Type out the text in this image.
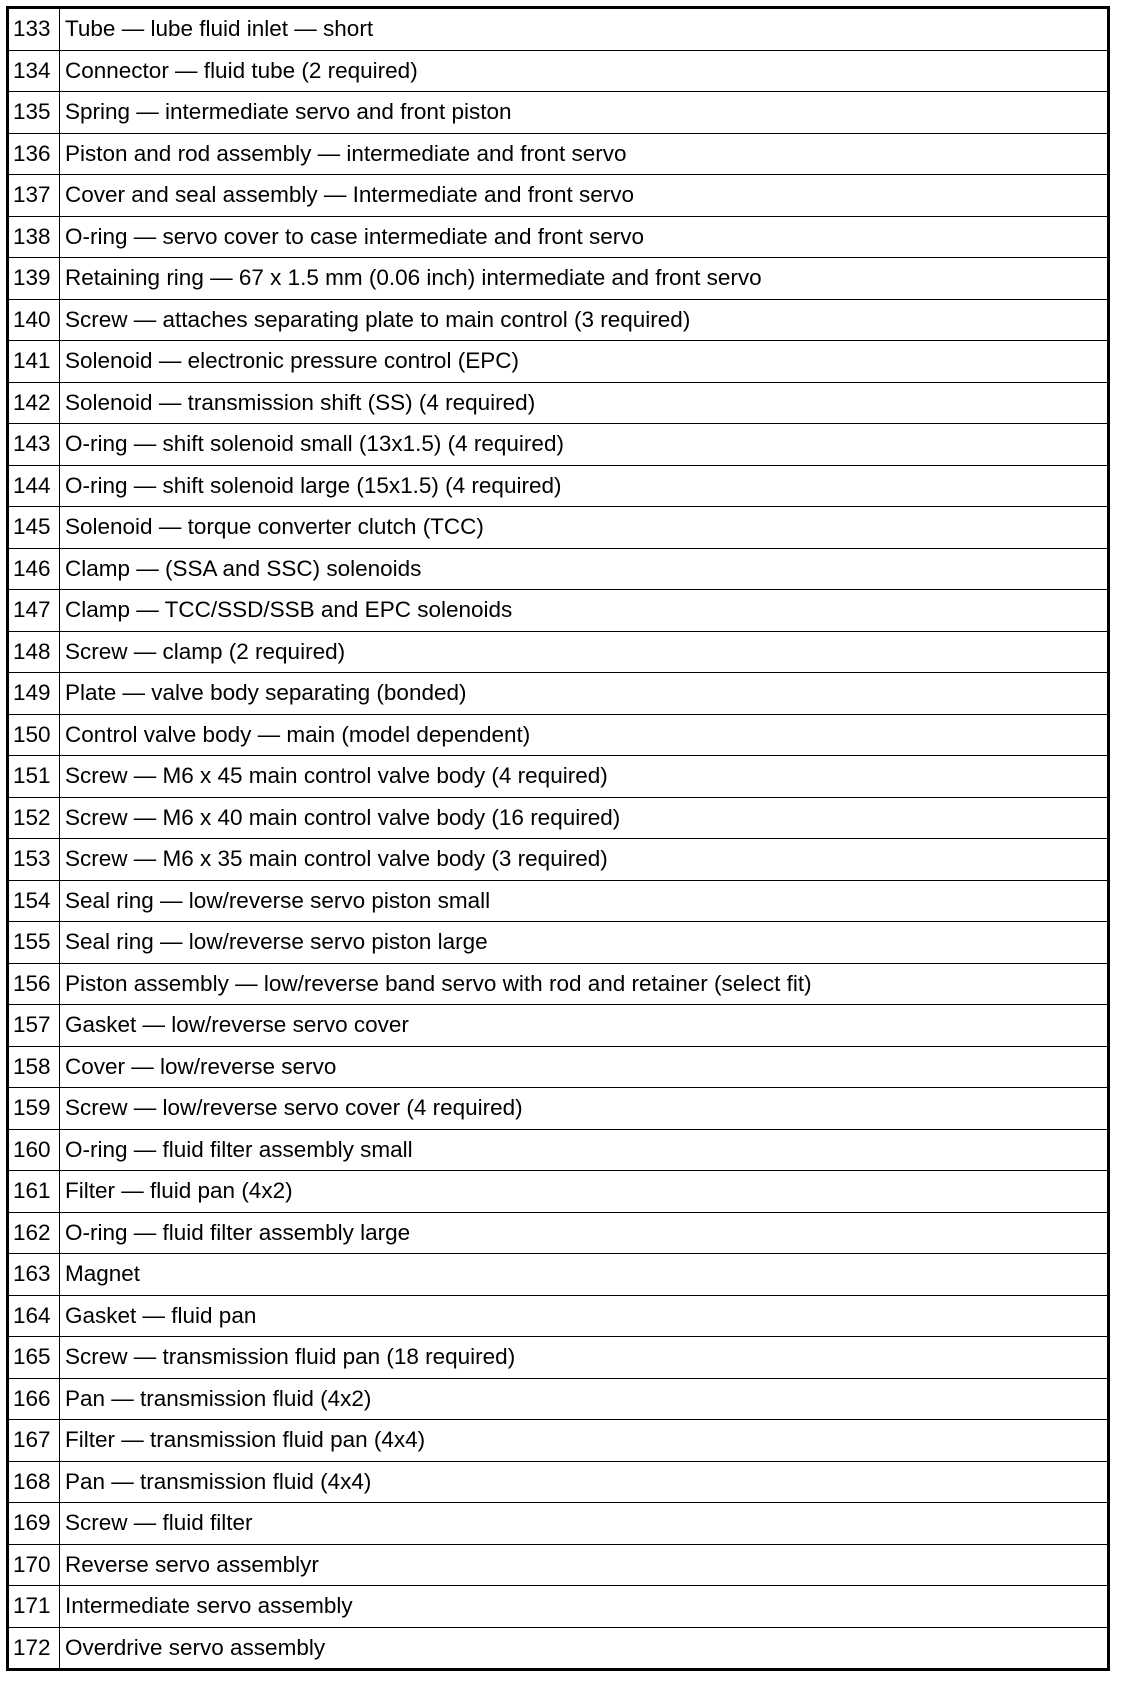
133	Tube — lube fluid inlet — short
134	Connector — fluid tube (2 required)
135	Spring — intermediate servo and front piston
136	Piston and rod assembly — intermediate and front servo
137	Cover and seal assembly — Intermediate and front servo
138	O-ring — servo cover to case intermediate and front servo
139	Retaining ring — 67 x 1.5 mm (0.06 inch) intermediate and front servo
140	Screw — attaches separating plate to main control (3 required)
141	Solenoid — electronic pressure control (EPC)
142	Solenoid — transmission shift (SS) (4 required)
143	O-ring — shift solenoid small (13x1.5) (4 required)
144	O-ring — shift solenoid large (15x1.5) (4 required)
145	Solenoid — torque converter clutch (TCC)
146	Clamp — (SSA and SSC) solenoids
147	Clamp — TCC/SSD/SSB and EPC solenoids
148	Screw — clamp (2 required)
149	Plate — valve body separating (bonded)
150	Control valve body — main (model dependent)
151	Screw — M6 x 45 main control valve body (4 required)
152	Screw — M6 x 40 main control valve body (16 required)
153	Screw — M6 x 35 main control valve body (3 required)
154	Seal ring — low/reverse servo piston small
155	Seal ring — low/reverse servo piston large
156	Piston assembly — low/reverse band servo with rod and retainer (select fit)
157	Gasket — low/reverse servo cover
158	Cover — low/reverse servo
159	Screw — low/reverse servo cover (4 required)
160	O-ring — fluid filter assembly small
161	Filter — fluid pan (4x2)
162	O-ring — fluid filter assembly large
163	Magnet
164	Gasket — fluid pan
165	Screw — transmission fluid pan (18 required)
166	Pan — transmission fluid (4x2)
167	Filter — transmission fluid pan (4x4)
168	Pan — transmission fluid (4x4)
169	Screw — fluid filter
170	Reverse servo assemblyr
171	Intermediate servo assembly
172	Overdrive servo assembly
